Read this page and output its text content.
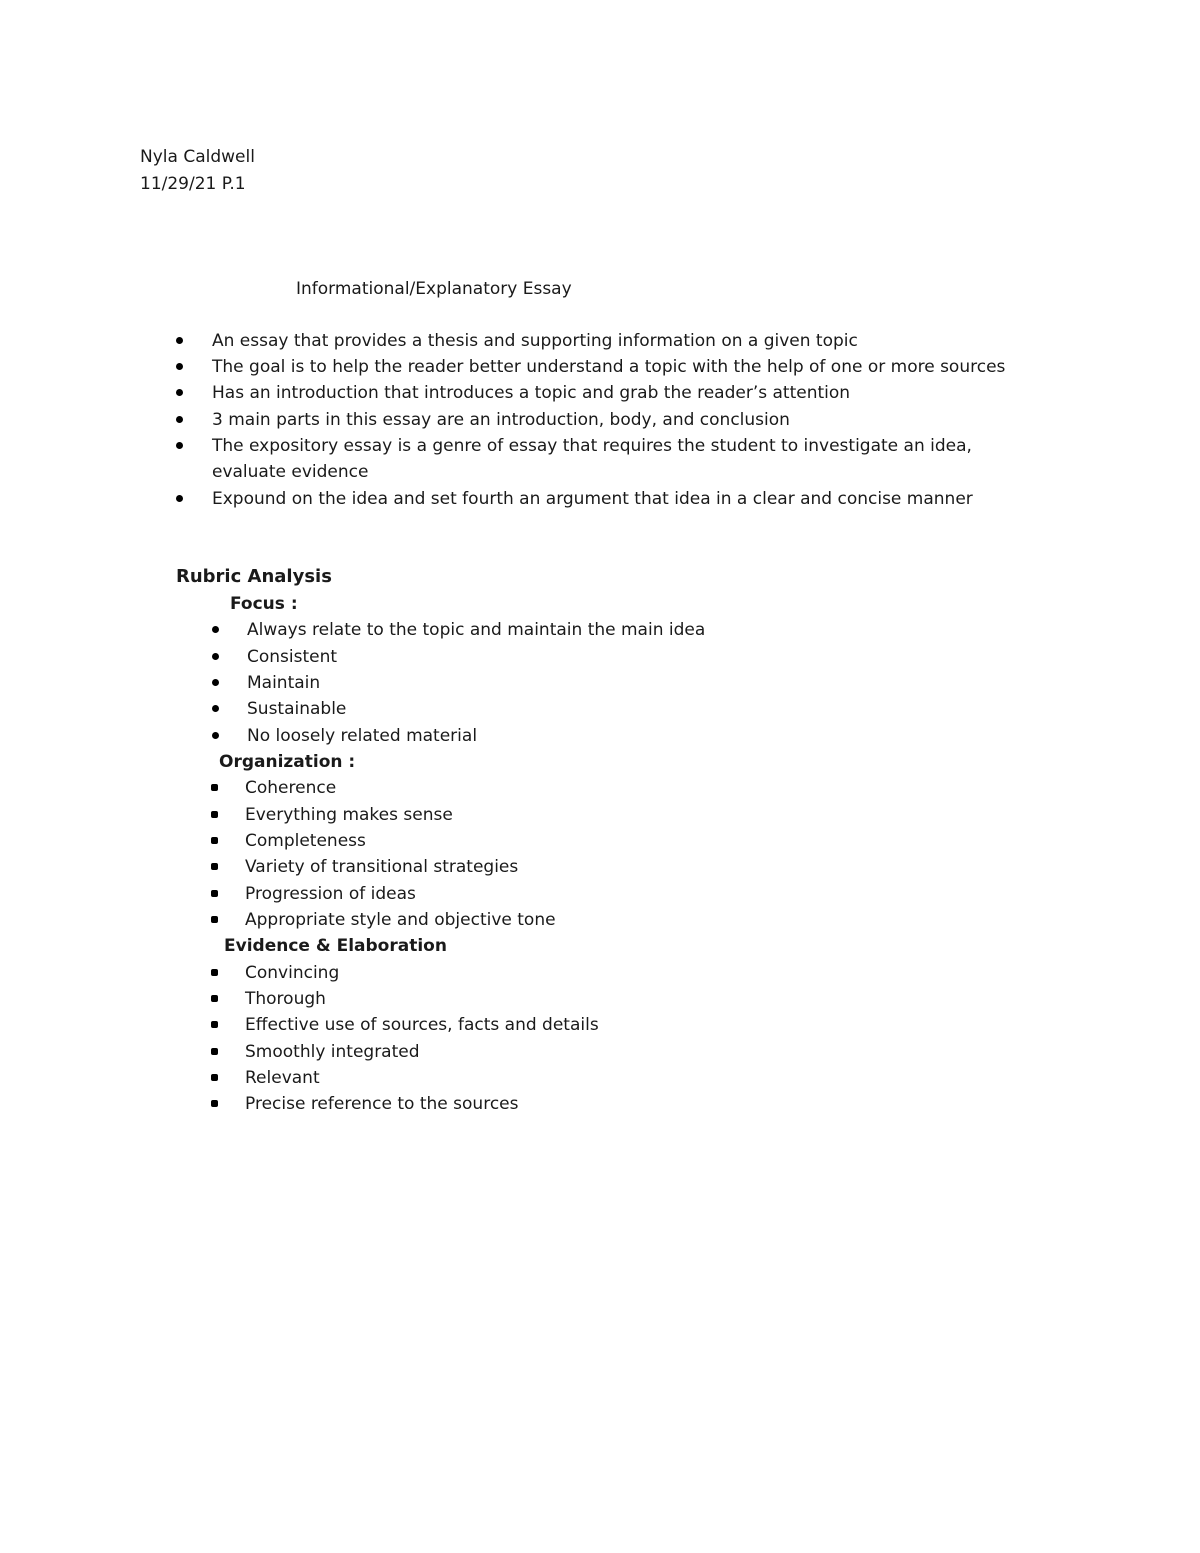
Nyla Caldwell
11/29/21 P.1
Informational/Explanatory Essay
An essay that provides a thesis and supporting information on a given topic
The goal is to help the reader better understand a topic with the help of one or more sources
Has an introduction that introduces a topic and grab the reader’s attention
3 main parts in this essay are an introduction, body, and conclusion
The expository essay is a genre of essay that requires the student to investigate an idea,
evaluate evidence
Expound on the idea and set fourth an argument that idea in a clear and concise manner
Rubric Analysis
Focus :
Always relate to the topic and maintain the main idea
Consistent
Maintain
Sustainable
No loosely related material
Organization :
Coherence
Everything makes sense
Completeness
Variety of transitional strategies
Progression of ideas
Appropriate style and objective tone
Evidence & Elaboration
Convincing
Thorough
Effective use of sources, facts and details
Smoothly integrated
Relevant
Precise reference to the sources
